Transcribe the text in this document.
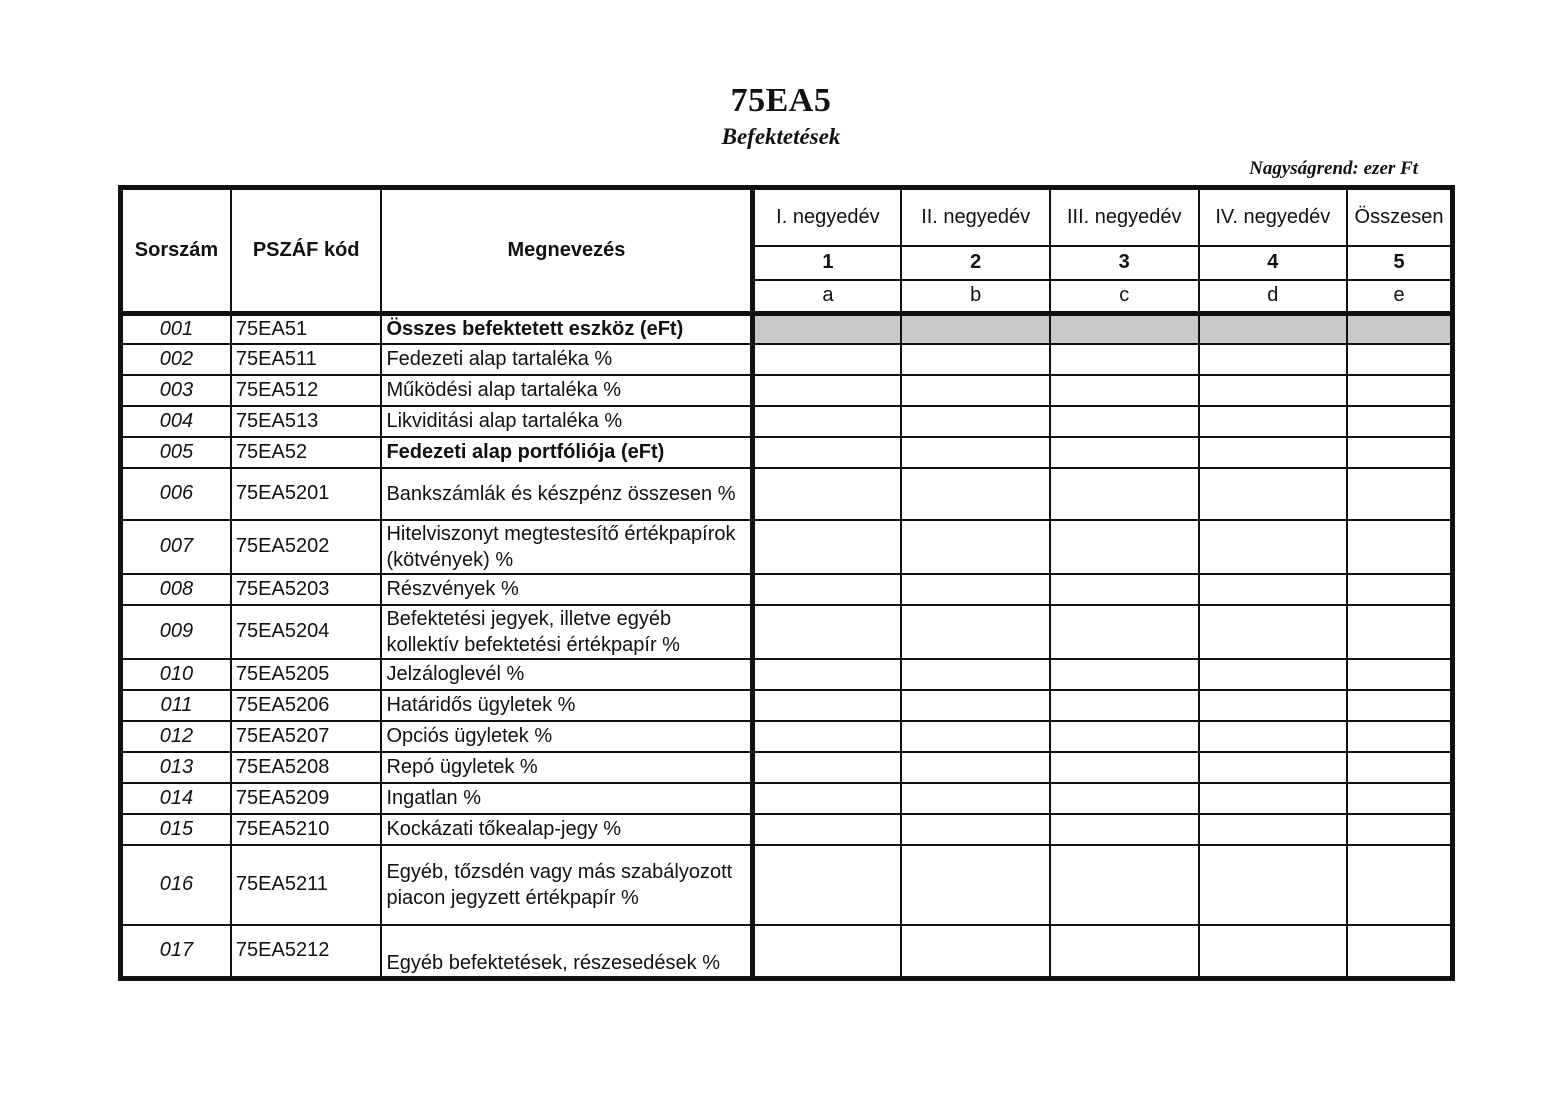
75EA5
Befektetések
Nagyságrend: ezer Ft
Sorszám	PSZÁF kód	Megnevezés	I. negyedév	II. negyedév	III. negyedév	IV. negyedév	Összesen
			1	2	3	4	5
			a	b	c	d	e
001	75EA51	Összes befektetett eszköz (eFt)					
002	75EA511	Fedezeti alap tartaléka %					
003	75EA512	Működési alap tartaléka %					
004	75EA513	Likviditási alap tartaléka %					
005	75EA52	Fedezeti alap portfóliója (eFt)					
006	75EA5201	Bankszámlák és készpénz összesen %					
007	75EA5202	Hitelviszonyt megtestesítő értékpapírok (kötvények) %					
008	75EA5203	Részvények %					
009	75EA5204	Befektetési jegyek, illetve egyéb kollektív befektetési értékpapír %					
010	75EA5205	Jelzáloglevél %					
011	75EA5206	Határidős ügyletek %					
012	75EA5207	Opciós ügyletek %					
013	75EA5208	Repó ügyletek %					
014	75EA5209	Ingatlan %					
015	75EA5210	Kockázati tőkealap-jegy %					
016	75EA5211	Egyéb, tőzsdén vagy más szabályozott piacon jegyzett értékpapír %					
017	75EA5212	Egyéb befektetések, részesedések %					
